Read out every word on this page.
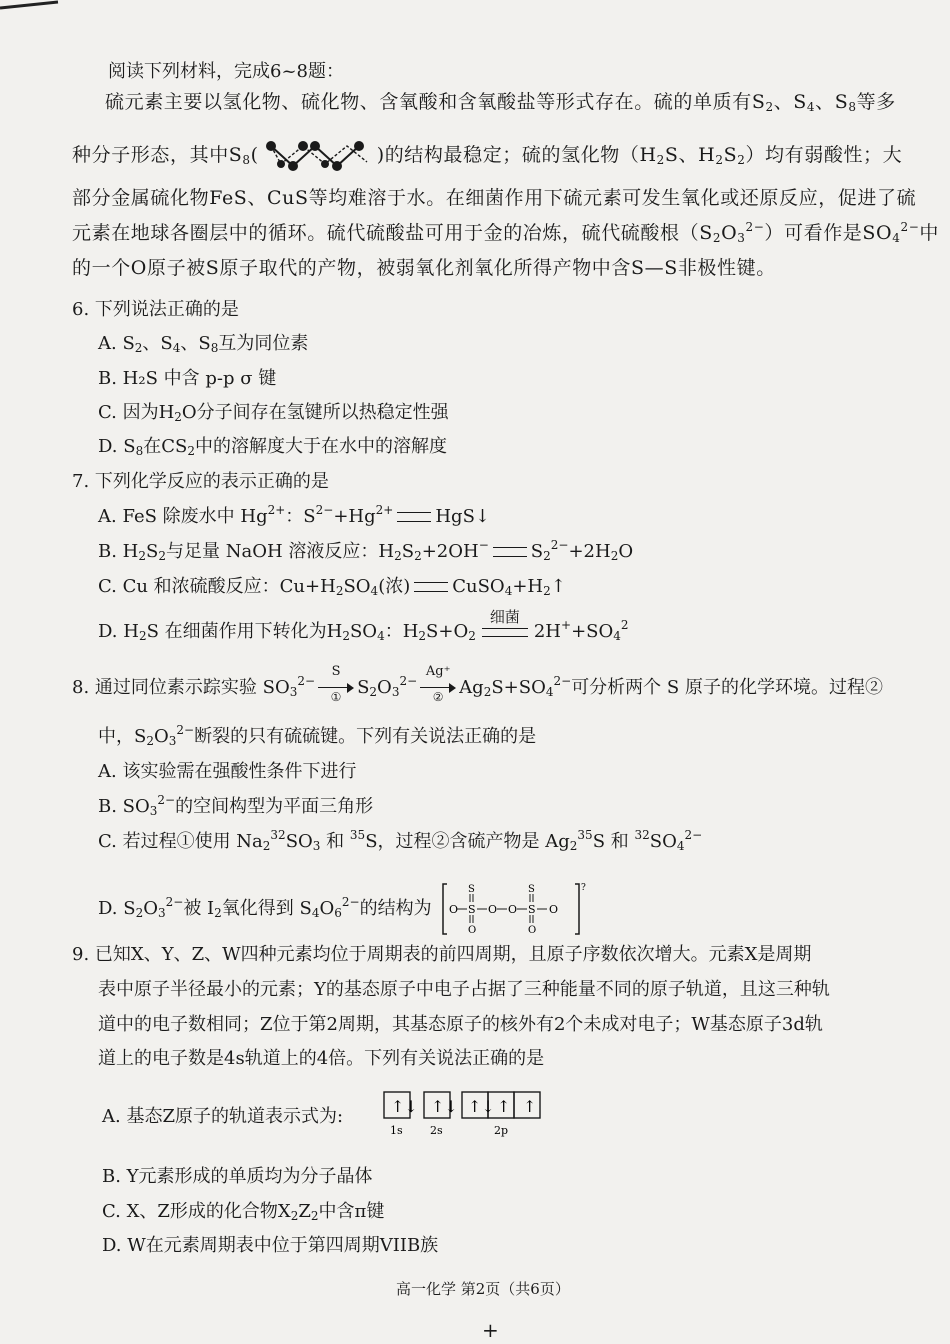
阅读下列材料，完成6~8题：
硫元素主要以氢化物、硫化物、含氧酸和含氧酸盐等形式存在。硫的单质有$S_2$、$S_4$、$S_8$等多
种分子形态，其中$S_8$(	)的结构最稳定；硫的氢化物（$H_2S$、$H_2S_2$）均有弱酸性；大
部分金属硫化物FeS、CuS等均难溶于水。在细菌作用下硫元素可发生氧化或还原反应，促进了硫
元素在地球各圈层中的循环。硫代硫酸盐可用于金的冶炼，硫代硫酸根$(S_2O_3^{2-})$可看作是$SO_4^{2-}$中
的一个O原子被S原子取代的产物，被弱氧化剂氧化所得产物中含S—S非极性键。
6. 下列说法正确的是
A. $S_2$、$S_4$、$S_8$互为同位素
B. H₂S 中含 p-p σ 键
C. 因为$H_2O$分子间存在氢键所以热稳定性强
D. $S_8$在$CS_2$中的溶解度大于在水中的溶解度
7. 下列化学反应的表示正确的是
A. FeS 除废水中 $Hg^{2+}$：$S^{2-}+Hg^{2+}$ HgS↓
B. $H_2S_2$与足量 NaOH 溶液反应：$H_2S_2+2OH^-$ $S_2^{2-}+2H_2O$
C. Cu 和浓硫酸反应：$Cu+H_2SO_4$(浓) $CuSO_4+H_2↑$
D. $H_2S$ 在细菌作用下转化为$H_2SO_4$：$H_2S+O_2$
细菌
$2H^++SO_4^2$
8. 通过同位素示踪实验 $SO_3^{2-}$
S
① $S_2O_3^{2-}$
Ag⁺
② $Ag_2S+SO_4^{2-}$可分析两个 S 原子的化学环境。过程②
中，$S_2O_3^{2-}$断裂的只有硫硫键。下列有关说法正确的是
A. 该实验需在强酸性条件下进行
B. $SO_3^{2-}$的空间构型为平面三角形
C. 若过程①使用 $Na_2^{32}SO_3$ 和 $^{35}$S，过程②含硫产物是 $Ag_2^{35}S$ 和 $^{32}SO_4^{2-}$
D. $S_2O_3^{2-}$被 $I_2$氧化得到 $S_4O_6^{2-}$的结构为 O S O O S O
S
O
S
O
?
9. 已知X、Y、Z、W四种元素均位于周期表的前四周期，且原子序数依次增大。元素X是周期
表中原子半径最小的元素；Y的基态原子中电子占据了三种能量不同的原子轨道，且这三种轨
道中的电子数相同；Z位于第2周期，其基态原子的核外有2个未成对电子；W基态原子3d轨
道上的电子数是4s轨道上的4倍。下列有关说法正确的是
A. 基态Z原子的轨道表示式为:	↑↓ ↑↓ ↑↓ ↑ ↑
1s 2s	2p
B. Y元素形成的单质均为分子晶体
C. X、Z形成的化合物$X_2Z_2$中含π键
D. W在元素周期表中位于第四周期VIIB族
高一化学 第2页（共6页）
+
